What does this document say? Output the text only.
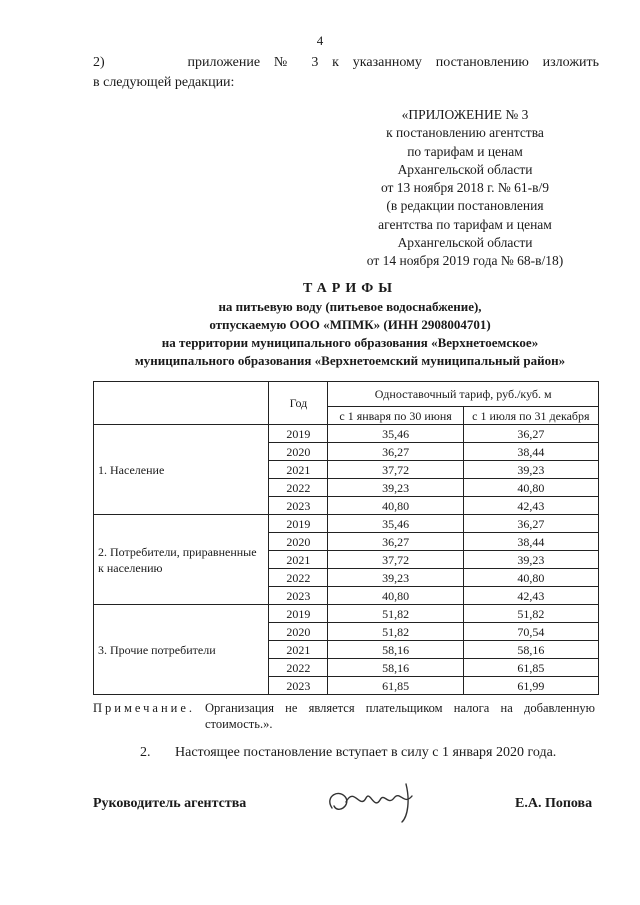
4
2)	приложение № 3 к указанному постановлению изложить
в следующей редакции:
«ПРИЛОЖЕНИЕ № 3
к постановлению агентства
по тарифам и ценам
Архангельской области
от 13 ноября 2018 г. № 61-в/9
(в редакции постановления
агентства по тарифам и ценам
Архангельской области
от 14 ноября 2019 года № 68-в/18)
ТАРИФЫ
на питьевую воду (питьевое водоснабжение),
отпускаемую ООО «МПМК» (ИНН 2908004701)
на территории муниципального образования «Верхнетоемское»
муниципального образования «Верхнетоемский муниципальный район»
	Год	Одноставочный тариф, руб./куб. м	
		с 1 января по 30 июня	с 1 июля по 31 декабря
1. Население	2019	35,46	36,27
	2020	36,27	38,44
	2021	37,72	39,23
	2022	39,23	40,80
	2023	40,80	42,43
2. Потребители, приравненные к населению	2019	35,46	36,27
	2020	36,27	38,44
	2021	37,72	39,23
	2022	39,23	40,80
	2023	40,80	42,43
3. Прочие потребители	2019	51,82	51,82
	2020	51,82	70,54
	2021	58,16	58,16
	2022	58,16	61,85
	2023	61,85	61,99
Примечание. Организация не является плательщиком налога на добавленную стоимость.».
2. Настоящее постановление вступает в силу с 1 января 2020 года.
Руководитель агентства	Е.А. Попова
